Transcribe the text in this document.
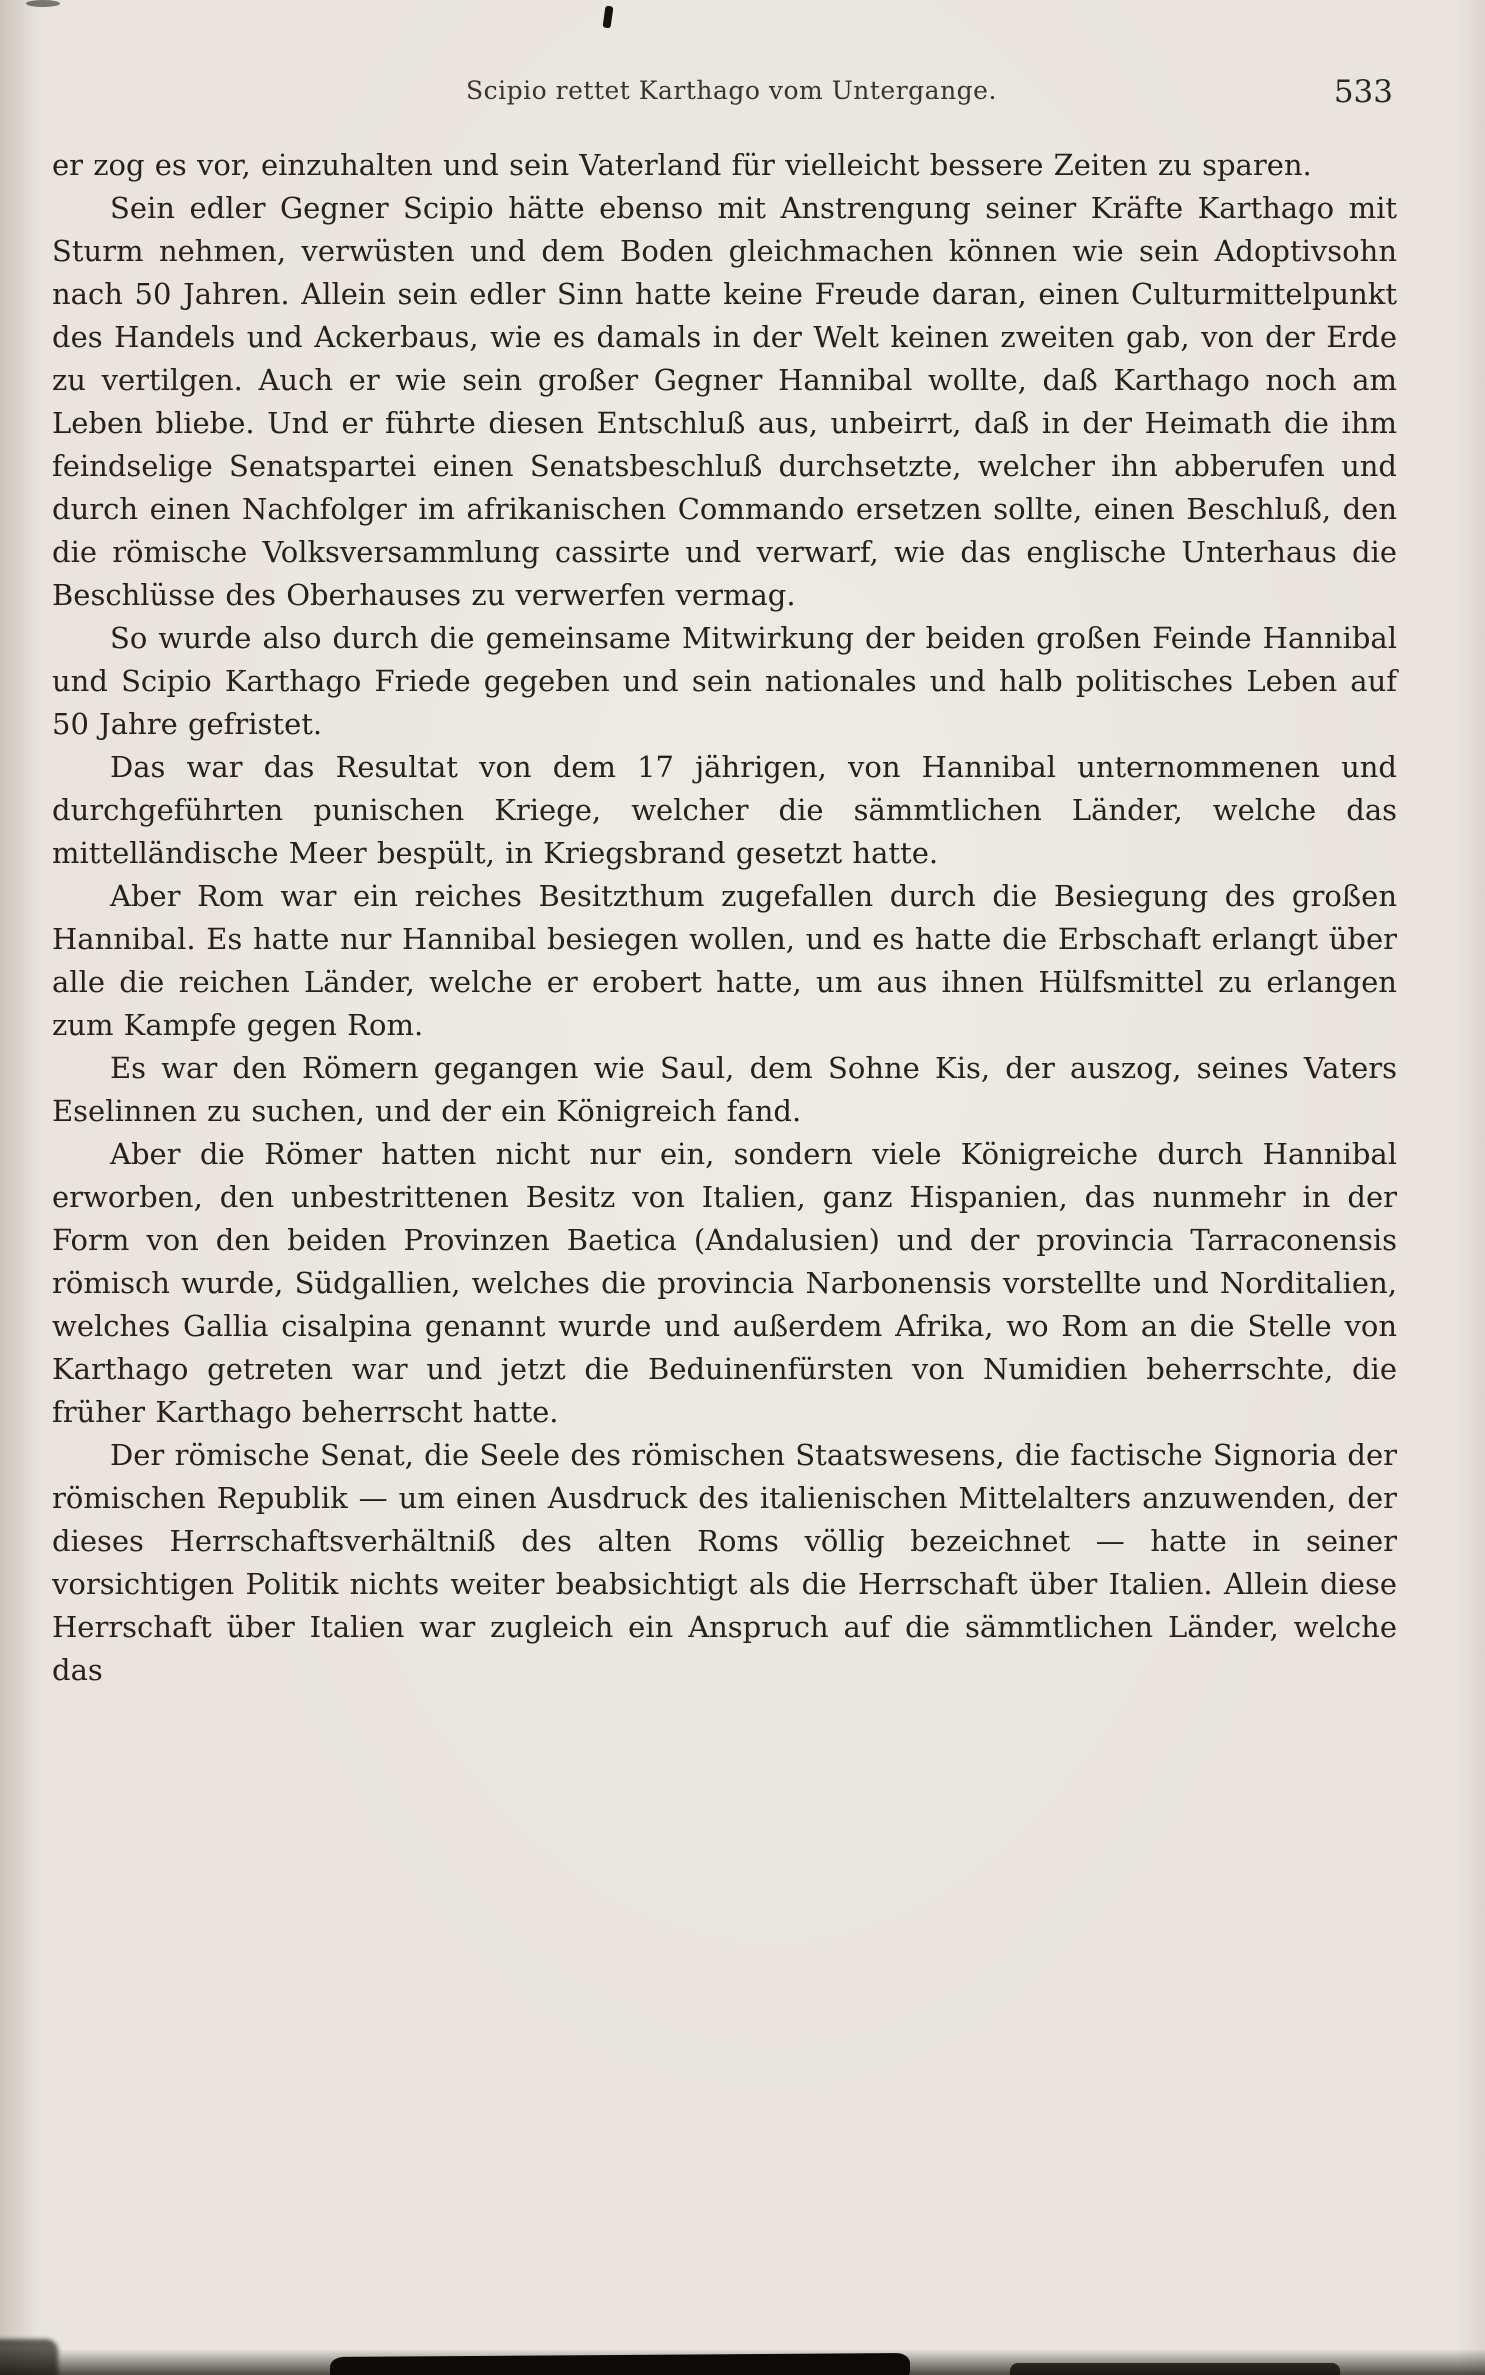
Scipio rettet Karthago vom Untergange.	533

er zog es vor, einzuhalten und sein Vaterland für vielleicht bessere Zeiten zu sparen.

Sein edler Gegner Scipio hätte ebenso mit Anstrengung seiner Kräfte Karthago mit Sturm nehmen, verwüsten und dem Boden gleichmachen können wie sein Adoptivsohn nach 50 Jahren. Allein sein edler Sinn hatte keine Freude daran, einen Culturmittelpunkt des Handels und Ackerbaus, wie es damals in der Welt keinen zweiten gab, von der Erde zu vertilgen. Auch er wie sein großer Gegner Hannibal wollte, daß Karthago noch am Leben bliebe. Und er führte diesen Entschluß aus, unbeirrt, daß in der Heimath die ihm feindselige Senatspartei einen Senatsbeschluß durchsetzte, welcher ihn abberufen und durch einen Nachfolger im afrikanischen Commando ersetzen sollte, einen Beschluß, den die römische Volksversammlung cassirte und verwarf, wie das englische Unterhaus die Beschlüsse des Oberhauses zu verwerfen vermag.

So wurde also durch die gemeinsame Mitwirkung der beiden großen Feinde Hannibal und Scipio Karthago Friede gegeben und sein nationales und halb politisches Leben auf 50 Jahre gefristet.

Das war das Resultat von dem 17 jährigen, von Hannibal unternommenen und durchgeführten punischen Kriege, welcher die sämmtlichen Länder, welche das mittelländische Meer bespült, in Kriegsbrand gesetzt hatte.

Aber Rom war ein reiches Besitzthum zugefallen durch die Besiegung des großen Hannibal. Es hatte nur Hannibal besiegen wollen, und es hatte die Erbschaft erlangt über alle die reichen Länder, welche er erobert hatte, um aus ihnen Hülfsmittel zu erlangen zum Kampfe gegen Rom.

Es war den Römern gegangen wie Saul, dem Sohne Kis, der auszog, seines Vaters Eselinnen zu suchen, und der ein Königreich fand.

Aber die Römer hatten nicht nur ein, sondern viele Königreiche durch Hannibal erworben, den unbestrittenen Besitz von Italien, ganz Hispanien, das nunmehr in der Form von den beiden Provinzen Baetica (Andalusien) und der provincia Tarraconensis römisch wurde, Südgallien, welches die provincia Narbonensis vorstellte und Norditalien, welches Gallia cisalpina genannt wurde und außerdem Afrika, wo Rom an die Stelle von Karthago getreten war und jetzt die Beduinenfürsten von Numidien beherrschte, die früher Karthago beherrscht hatte.

Der römische Senat, die Seele des römischen Staatswesens, die factische Signoria der römischen Republik — um einen Ausdruck des italienischen Mittelalters anzuwenden, der dieses Herrschaftsverhältniß des alten Roms völlig bezeichnet — hatte in seiner vorsichtigen Politik nichts weiter beabsichtigt als die Herrschaft über Italien. Allein diese Herrschaft über Italien war zugleich ein Anspruch auf die sämmtlichen Länder, welche das
